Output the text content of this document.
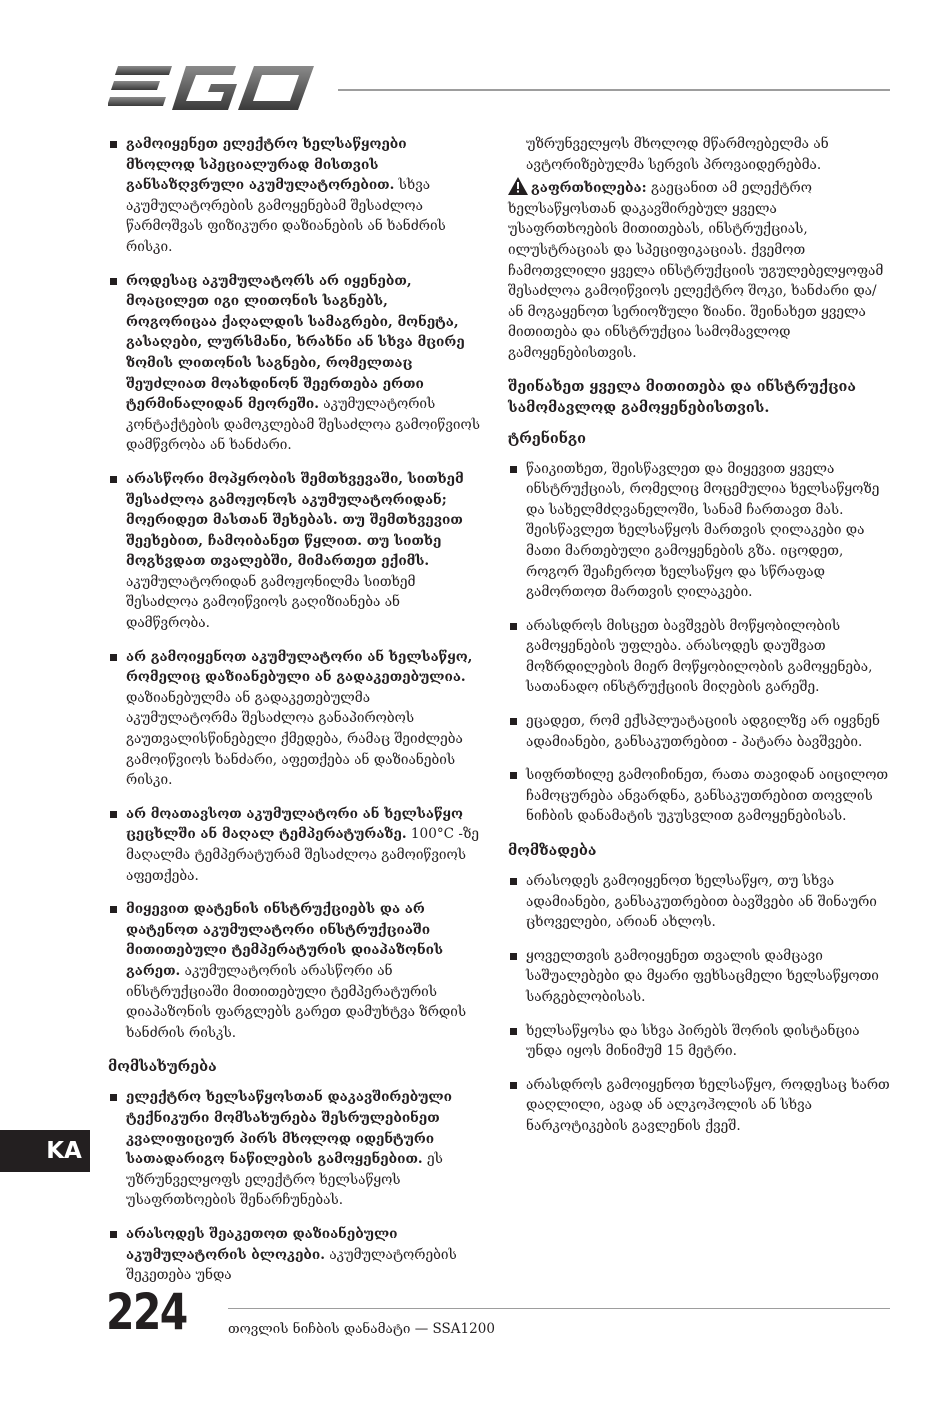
გამოიყენეთ ელექტრო ხელსაწყოები მხოლოდ სპეციალურად მისთვის განსაზღვრული აკუმულატორებით. სხვა აკუმულატორების გამოყენებამ შესაძლოა წარმოშვას ფიზიკური დაზიანების ან ხანძრის რისკი.
როდესაც აკუმულატორს არ იყენებთ, მოაცილეთ იგი ლითონის საგნებს, როგორიცაა ქაღალდის სამაგრები, მონეტა, გასაღები, ლურსმანი, ხრახნი ან სხვა მცირე ზომის ლითონის საგნები, რომელთაც შეუძლიათ მოახდინონ შეერთება ერთი ტერმინალიდან მეორეში. აკუმულატორის კონტაქტების დამოკლებამ შესაძლოა გამოიწვიოს დამწვრობა ან ხანძარი.
არასწორი მოპყრობის შემთხვევაში, სითხემ შესაძლოა გამოჟონოს აკუმულატორიდან; მოერიდეთ მასთან შეხებას. თუ შემთხვევით შეეხებით, ჩამოიბანეთ წყლით. თუ სითხე მოგხვდათ თვალებში, მიმართეთ ექიმს. აკუმულატორიდან გამოჟონილმა სითხემ შესაძლოა გამოიწვიოს გაღიზიანება ან დამწვრობა.
არ გამოიყენოთ აკუმულატორი ან ხელსაწყო, რომელიც დაზიანებული ან გადაკეთებულია. დაზიანებულმა ან გადაკეთებულმა აკუმულატორმა შესაძლოა განაპირობოს გაუთვალისწინებელი ქმედება, რამაც შეიძლება გამოიწვიოს ხანძარი, აფეთქება ან დაზიანების რისკი.
არ მოათავსოთ აკუმულატორი ან ხელსაწყო ცეცხლში ან მაღალ ტემპერატურაზე. 100°C -ზე მაღალმა ტემპერატურამ შესაძლოა გამოიწვიოს აფეთქება.
მიყევით დატენის ინსტრუქციებს და არ დატენოთ აკუმულატორი ინსტრუქციაში მითითებული ტემპერატურის დიაპაზონის გარეთ. აკუმულატორის არასწორი ან ინსტრუქციაში მითითებული ტემპერატურის დიაპაზონის ფარგლებს გარეთ დამუხტვა ზრდის ხანძრის რისკს.
მომსახურება
ელექტრო ხელსაწყოსთან დაკავშირებული ტექნიკური მომსახურება შესრულებინეთ კვალიფიციურ პირს მხოლოდ იდენტური სათადარიგო ნაწილების გამოყენებით. ეს უზრუნველყოფს ელექტრო ხელსაწყოს უსაფრთხოების შენარჩუნებას.
არასოდეს შეაკეთოთ დაზიანებული აკუმულატორის ბლოკები. აკუმულატორების შეკეთება უნდა

უზრუნველყოს მხოლოდ მწარმოებელმა ან ავტორიზებულმა სერვის პროვაიდერებმა.

გაფრთხილება: გაეცანით ამ ელექტრო ხელსაწყოსთან დაკავშირებულ ყველა უსაფრთხოების მითითებას, ინსტრუქციას, ილუსტრაციას და სპეციფიკაციას. ქვემოთ ჩამოთვლილი ყველა ინსტრუქციის უგულებელყოფამ შესაძლოა გამოიწვიოს ელექტრო შოკი, ხანძარი და/ან მოგაყენოთ სერიოზული ზიანი. შეინახეთ ყველა მითითება და ინსტრუქცია სამომავლოდ გამოყენებისთვის.

შეინახეთ ყველა მითითება და ინსტრუქცია სამომავლოდ გამოყენებისთვის.
ტრენინგი
წაიკითხეთ, შეისწავლეთ და მიყევით ყველა ინსტრუქციას, რომელიც მოცემულია ხელსაწყოზე და სახელმძღვანელოში, სანამ ჩართავთ მას. შეისწავლეთ ხელსაწყოს მართვის ღილაკები და მათი მართებული გამოყენების გზა. იცოდეთ, როგორ შეაჩეროთ ხელსაწყო და სწრაფად გამორთოთ მართვის ღილაკები.
არასდროს მისცეთ ბავშვებს მოწყობილობის გამოყენების უფლება. არასოდეს დაუშვათ მოზრდილების მიერ მოწყობილობის გამოყენება, სათანადო ინსტრუქციის მიღების გარეშე.
ეცადეთ, რომ ექსპლუატაციის ადგილზე არ იყვნენ ადამიანები, განსაკუთრებით - პატარა ბავშვები.
სიფრთხილე გამოიჩინეთ, რათა თავიდან აიცილოთ ჩამოცურება ანვარდნა, განსაკუთრებით თოვლის ნიჩბის დანამატის უკუსვლით გამოყენებისას.
მომზადება
არასოდეს გამოიყენოთ ხელსაწყო, თუ სხვა ადამიანები, განსაკუთრებით ბავშვები ან შინაური ცხოველები, არიან ახლოს.
ყოველთვის გამოიყენეთ თვალის დამცავი საშუალებები და მყარი ფეხსაცმელი ხელსაწყოთი სარგებლობისას.
ხელსაწყოსა და სხვა პირებს შორის დისტანცია უნდა იყოს მინიმუმ 15 მეტრი.
არასდროს გამოიყენოთ ხელსაწყო, როდესაც ხართ დაღლილი, ავად ან ალკოჰოლის ან სხვა ნარკოტიკების გავლენის ქვეშ.
KA
224	თოვლის ნიჩბის დანამატი — SSA1200
